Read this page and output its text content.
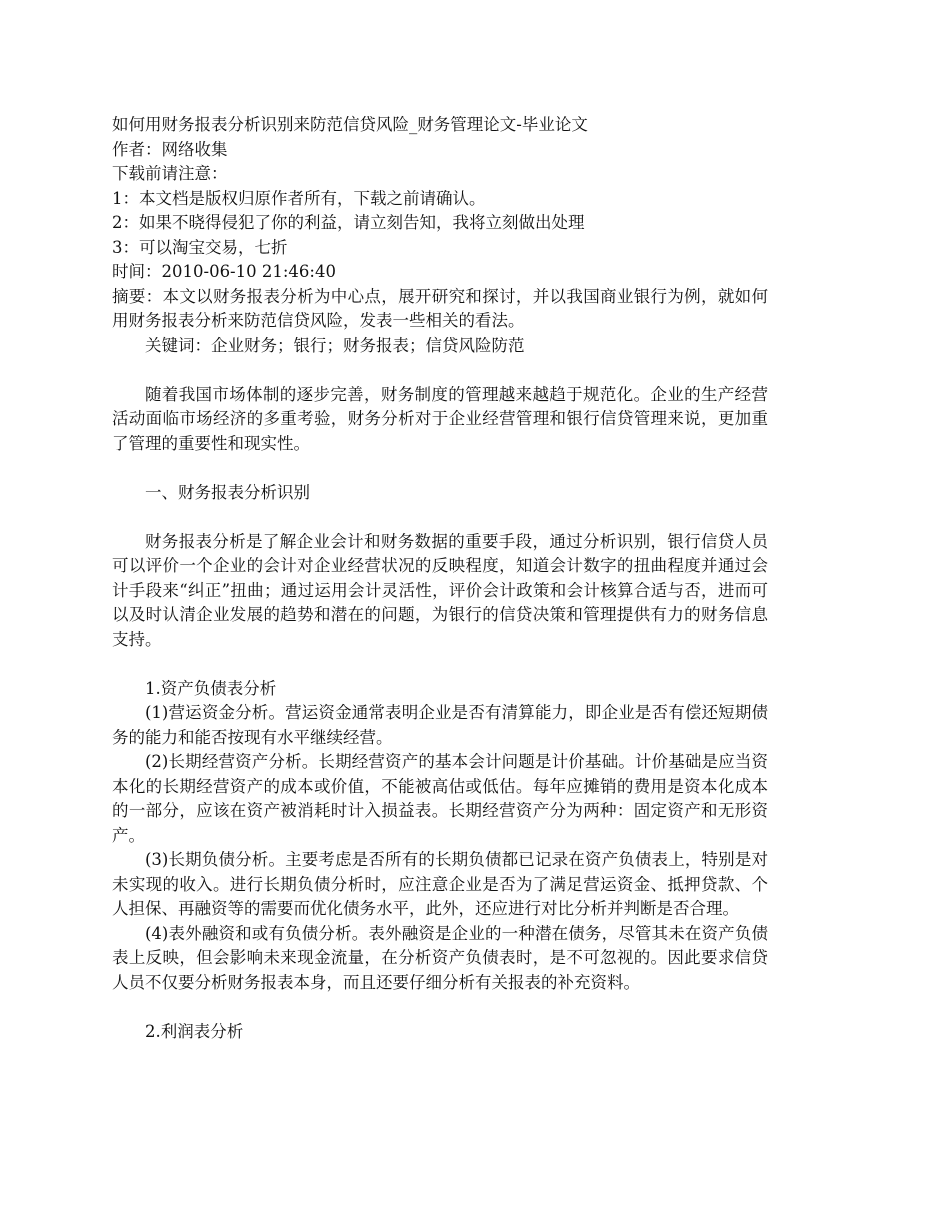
如何用财务报表分析识别来防范信贷风险_财务管理论文-毕业论文
作者：网络收集
下载前请注意：
1：本文档是版权归原作者所有，下载之前请确认。
2：如果不晓得侵犯了你的利益，请立刻告知，我将立刻做出处理
3：可以淘宝交易，七折
时间：2010-06-10 21:46:40
摘要：本文以财务报表分析为中心点，展开研究和探讨，并以我国商业银行为例，就如何用财务报表分析来防范信贷风险，发表一些相关的看法。
关键词：企业财务；银行；财务报表；信贷风险防范
随着我国市场体制的逐步完善，财务制度的管理越来越趋于规范化。企业的生产经营活动面临市场经济的多重考验，财务分析对于企业经营管理和银行信贷管理来说，更加重了管理的重要性和现实性。
一、财务报表分析识别
财务报表分析是了解企业会计和财务数据的重要手段，通过分析识别，银行信贷人员可以评价一个企业的会计对企业经营状况的反映程度，知道会计数字的扭曲程度并通过会计手段来“纠正”扭曲；通过运用会计灵活性，评价会计政策和会计核算合适与否，进而可以及时认清企业发展的趋势和潜在的问题，为银行的信贷决策和管理提供有力的财务信息支持。
1.资产负债表分析
(1)营运资金分析。营运资金通常表明企业是否有清算能力，即企业是否有偿还短期债务的能力和能否按现有水平继续经营。
(2)长期经营资产分析。长期经营资产的基本会计问题是计价基础。计价基础是应当资本化的长期经营资产的成本或价值，不能被高估或低估。每年应摊销的费用是资本化成本的一部分，应该在资产被消耗时计入损益表。长期经营资产分为两种：固定资产和无形资产。
(3)长期负债分析。主要考虑是否所有的长期负债都已记录在资产负债表上，特别是对未实现的收入。进行长期负债分析时，应注意企业是否为了满足营运资金、抵押贷款、个人担保、再融资等的需要而优化债务水平，此外，还应进行对比分析并判断是否合理。
(4)表外融资和或有负债分析。表外融资是企业的一种潜在债务，尽管其未在资产负债表上反映，但会影响未来现金流量，在分析资产负债表时，是不可忽视的。因此要求信贷人员不仅要分析财务报表本身，而且还要仔细分析有关报表的补充资料。
2.利润表分析
